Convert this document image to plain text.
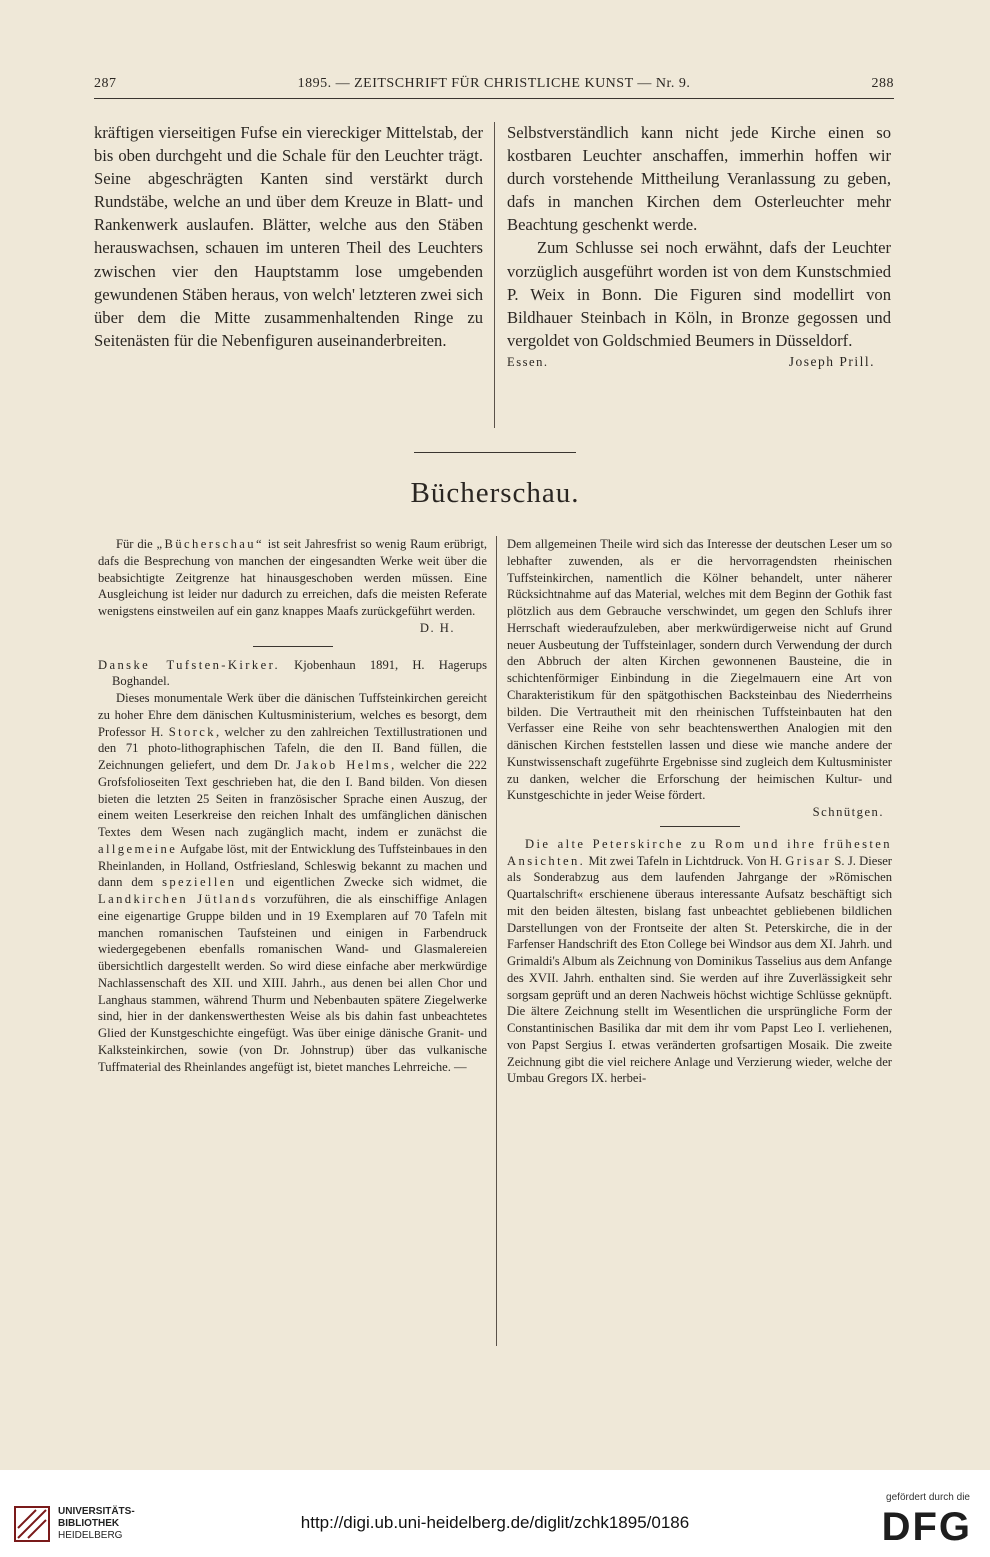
287	1895. — ZEITSCHRIFT FÜR CHRISTLICHE KUNST — Nr. 9.	288

kräftigen vierseitigen Fufse ein viereckiger Mittelstab, der bis oben durchgeht und die Schale für den Leuchter trägt. Seine abgeschrägten Kanten sind verstärkt durch Rundstäbe, welche an und über dem Kreuze in Blatt- und Rankenwerk auslaufen. Blätter, welche aus den Stäben herauswachsen, schauen im unteren Theil des Leuchters zwischen vier den Hauptstamm lose umgebenden gewundenen Stäben heraus, von welch' letzteren zwei sich über dem die Mitte zusammenhaltenden Ringe zu Seitenästen für die Nebenfiguren auseinanderbreiten.

Selbstverständlich kann nicht jede Kirche einen so kostbaren Leuchter anschaffen, immerhin hoffen wir durch vorstehende Mittheilung Veranlassung zu geben, dafs in manchen Kirchen dem Osterleuchter mehr Beachtung geschenkt werde.

Zum Schlusse sei noch erwähnt, dafs der Leuchter vorzüglich ausgeführt worden ist von dem Kunstschmied P. Weix in Bonn. Die Figuren sind modellirt von Bildhauer Steinbach in Köln, in Bronze gegossen und vergoldet von Goldschmied Beumers in Düsseldorf.

Essen.	Joseph Prill.
Bücherschau.

Für die „Bücherschau“ ist seit Jahresfrist so wenig Raum erübrigt, dafs die Besprechung von manchen der eingesandten Werke weit über die beabsichtigte Zeitgrenze hat hinausgeschoben werden müssen. Eine Ausgleichung ist leider nur dadurch zu erreichen, dafs die meisten Referate wenigstens einstweilen auf ein ganz knappes Maafs zurückgeführt werden.

D. H.

Danske Tufsten-Kirker. Kjobenhaun 1891, H. Hagerups Boghandel.

Dieses monumentale Werk über die dänischen Tuffsteinkirchen gereicht zu hoher Ehre dem dänischen Kultusministerium, welches es besorgt, dem Professor H. Storck, welcher zu den zahlreichen Textillustrationen und den 71 photo-lithographischen Tafeln, die den II. Band füllen, die Zeichnungen geliefert, und dem Dr. Jakob Helms, welcher die 222 Grofsfolioseiten Text geschrieben hat, die den I. Band bilden. Von diesen bieten die letzten 25 Seiten in französischer Sprache einen Auszug, der einem weiten Leserkreise den reichen Inhalt des umfänglichen dänischen Textes dem Wesen nach zugänglich macht, indem er zunächst die allgemeine Aufgabe löst, mit der Entwicklung des Tuffsteinbaues in den Rheinlanden, in Holland, Ostfriesland, Schleswig bekannt zu machen und dann dem speziellen und eigentlichen Zwecke sich widmet, die Landkirchen Jütlands vorzuführen, die als einschiffige Anlagen eine eigenartige Gruppe bilden und in 19 Exemplaren auf 70 Tafeln mit manchen romanischen Taufsteinen und einigen in Farbendruck wiedergegebenen ebenfalls romanischen Wand- und Glasmalereien übersichtlich dargestellt werden. So wird diese einfache aber merkwürdige Nachlassenschaft des XII. und XIII. Jahrh., aus denen bei allen Chor und Langhaus stammen, während Thurm und Nebenbauten spätere Ziegelwerke sind, hier in der dankenswerthesten Weise als bis dahin fast unbeachtetes Glied der Kunstgeschichte eingefügt. Was über einige dänische Granit- und Kalksteinkirchen, sowie (von Dr. Johnstrup) über das vulkanische Tuffmaterial des Rheinlandes angefügt ist, bietet manches Lehrreiche. —

Dem allgemeinen Theile wird sich das Interesse der deutschen Leser um so lebhafter zuwenden, als er die hervorragendsten rheinischen Tuffsteinkirchen, namentlich die Kölner behandelt, unter näherer Rücksichtnahme auf das Material, welches mit dem Beginn der Gothik fast plötzlich aus dem Gebrauche verschwindet, um gegen den Schlufs ihrer Herrschaft wiederaufzuleben, aber merkwürdigerweise nicht auf Grund neuer Ausbeutung der Tuffsteinlager, sondern durch Verwendung der durch den Abbruch der alten Kirchen gewonnenen Bausteine, die in schichtenförmiger Einbindung in die Ziegelmauern eine Art von Charakteristikum für den spätgothischen Backsteinbau des Niederrheins bilden. Die Vertrautheit mit den rheinischen Tuffsteinbauten hat den Verfasser eine Reihe von sehr beachtenswerthen Analogien mit den dänischen Kirchen feststellen lassen und diese wie manche andere der Kunstwissenschaft zugeführte Ergebnisse sind zugleich dem Kultusminister zu danken, welcher die Erforschung der heimischen Kultur- und Kunstgeschichte in jeder Weise fördert.

Schnütgen.

Die alte Peterskirche zu Rom und ihre frühesten Ansichten. Mit zwei Tafeln in Lichtdruck. Von H. Grisar S. J. Dieser als Sonderabzug aus dem laufenden Jahrgange der »Römischen Quartalschrift« erschienene überaus interessante Aufsatz beschäftigt sich mit den beiden ältesten, bislang fast unbeachtet gebliebenen bildlichen Darstellungen von der Frontseite der alten St. Peterskirche, die in der Farfenser Handschrift des Eton College bei Windsor aus dem XI. Jahrh. und Grimaldi's Album als Zeichnung von Dominikus Tasselius aus dem Anfange des XVII. Jahrh. enthalten sind. Sie werden auf ihre Zuverlässigkeit sehr sorgsam geprüft und an deren Nachweis höchst wichtige Schlüsse geknüpft. Die ältere Zeichnung stellt im Wesentlichen die ursprüngliche Form der Constantinischen Basilika dar mit dem ihr vom Papst Leo I. verliehenen, von Papst Sergius I. etwas veränderten grofsartigen Mosaik. Die zweite Zeichnung gibt die viel reichere Anlage und Verzierung wieder, welche der Umbau Gregors IX. herbei-

UNIVERSITÄTS-
BIBLIOTHEK
HEIDELBERG
http://digi.ub.uni-heidelberg.de/diglit/zchk1895/0186
gefördert durch die
DFG
